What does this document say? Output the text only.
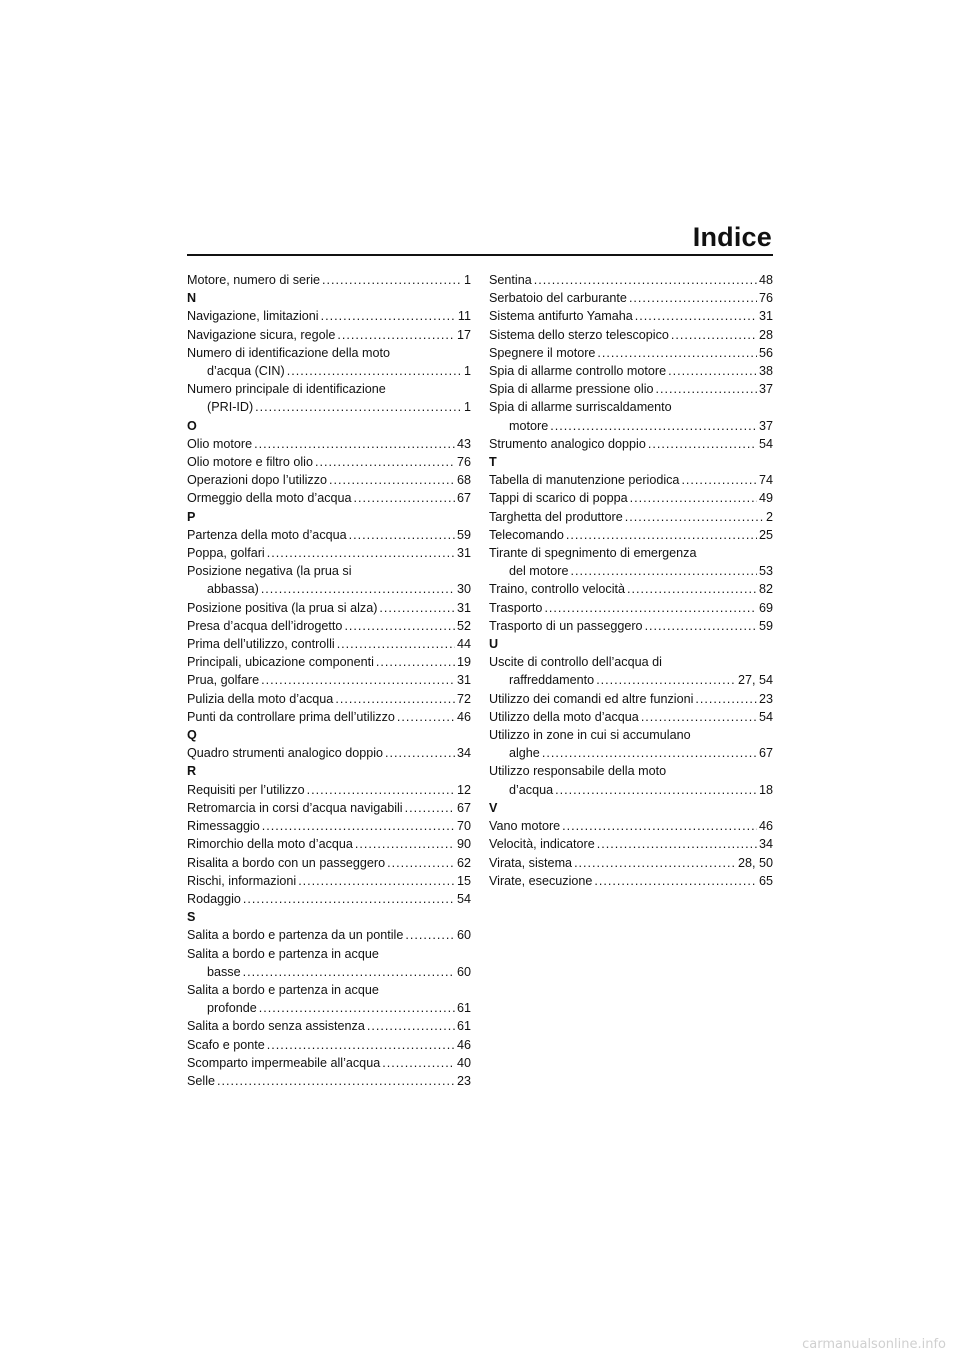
Indice
Motore, numero di serie .....	1
N
Navigazione, limitazioni .....	11
Navigazione sicura, regole .....	17
Numero di identificazione della moto
d’acqua (CIN) .....	1
Numero principale di identificazione
(PRI-ID) .....	1
O
Olio motore .....	43
Olio motore e filtro olio .....	76
Operazioni dopo l’utilizzo .....	68
Ormeggio della moto d’acqua .....	67
P
Partenza della moto d’acqua .....	59
Poppa, golfari .....	31
Posizione negativa (la prua si
abbassa) .....	30
Posizione positiva (la prua si alza) .....	31
Presa d’acqua dell’idrogetto .....	52
Prima dell’utilizzo, controlli .....	44
Principali, ubicazione componenti .....	19
Prua, golfare .....	31
Pulizia della moto d’acqua .....	72
Punti da controllare prima dell’utilizzo .....	46
Q
Quadro strumenti analogico doppio .....	34
R
Requisiti per l’utilizzo .....	12
Retromarcia in corsi d’acqua navigabili .....	67
Rimessaggio .....	70
Rimorchio della moto d’acqua .....	90
Risalita a bordo con un passeggero .....	62
Rischi, informazioni .....	15
Rodaggio .....	54
S
Salita a bordo e partenza da un pontile .....	60
Salita a bordo e partenza in acque
basse .....	60
Salita a bordo e partenza in acque
profonde .....	61
Salita a bordo senza assistenza .....	61
Scafo e ponte .....	46
Scomparto impermeabile all’acqua .....	40
Selle .....	23
Sentina .....	48
Serbatoio del carburante .....	76
Sistema antifurto Yamaha .....	31
Sistema dello sterzo telescopico .....	28
Spegnere il motore .....	56
Spia di allarme controllo motore .....	38
Spia di allarme pressione olio .....	37
Spia di allarme surriscaldamento
motore .....	37
Strumento analogico doppio .....	54
T
Tabella di manutenzione periodica .....	74
Tappi di scarico di poppa .....	49
Targhetta del produttore .....	2
Telecomando .....	25
Tirante di spegnimento di emergenza
del motore .....	53
Traino, controllo velocità .....	82
Trasporto .....	69
Trasporto di un passeggero .....	59
U
Uscite di controllo dell’acqua di
raffreddamento .....	27, 54
Utilizzo dei comandi ed altre funzioni .....	23
Utilizzo della moto d’acqua .....	54
Utilizzo in zone in cui si accumulano
alghe .....	67
Utilizzo responsabile della moto
d’acqua .....	18
V
Vano motore .....	46
Velocità, indicatore .....	34
Virata, sistema .....	28, 50
Virate, esecuzione .....	65
carmanualsonline.info
